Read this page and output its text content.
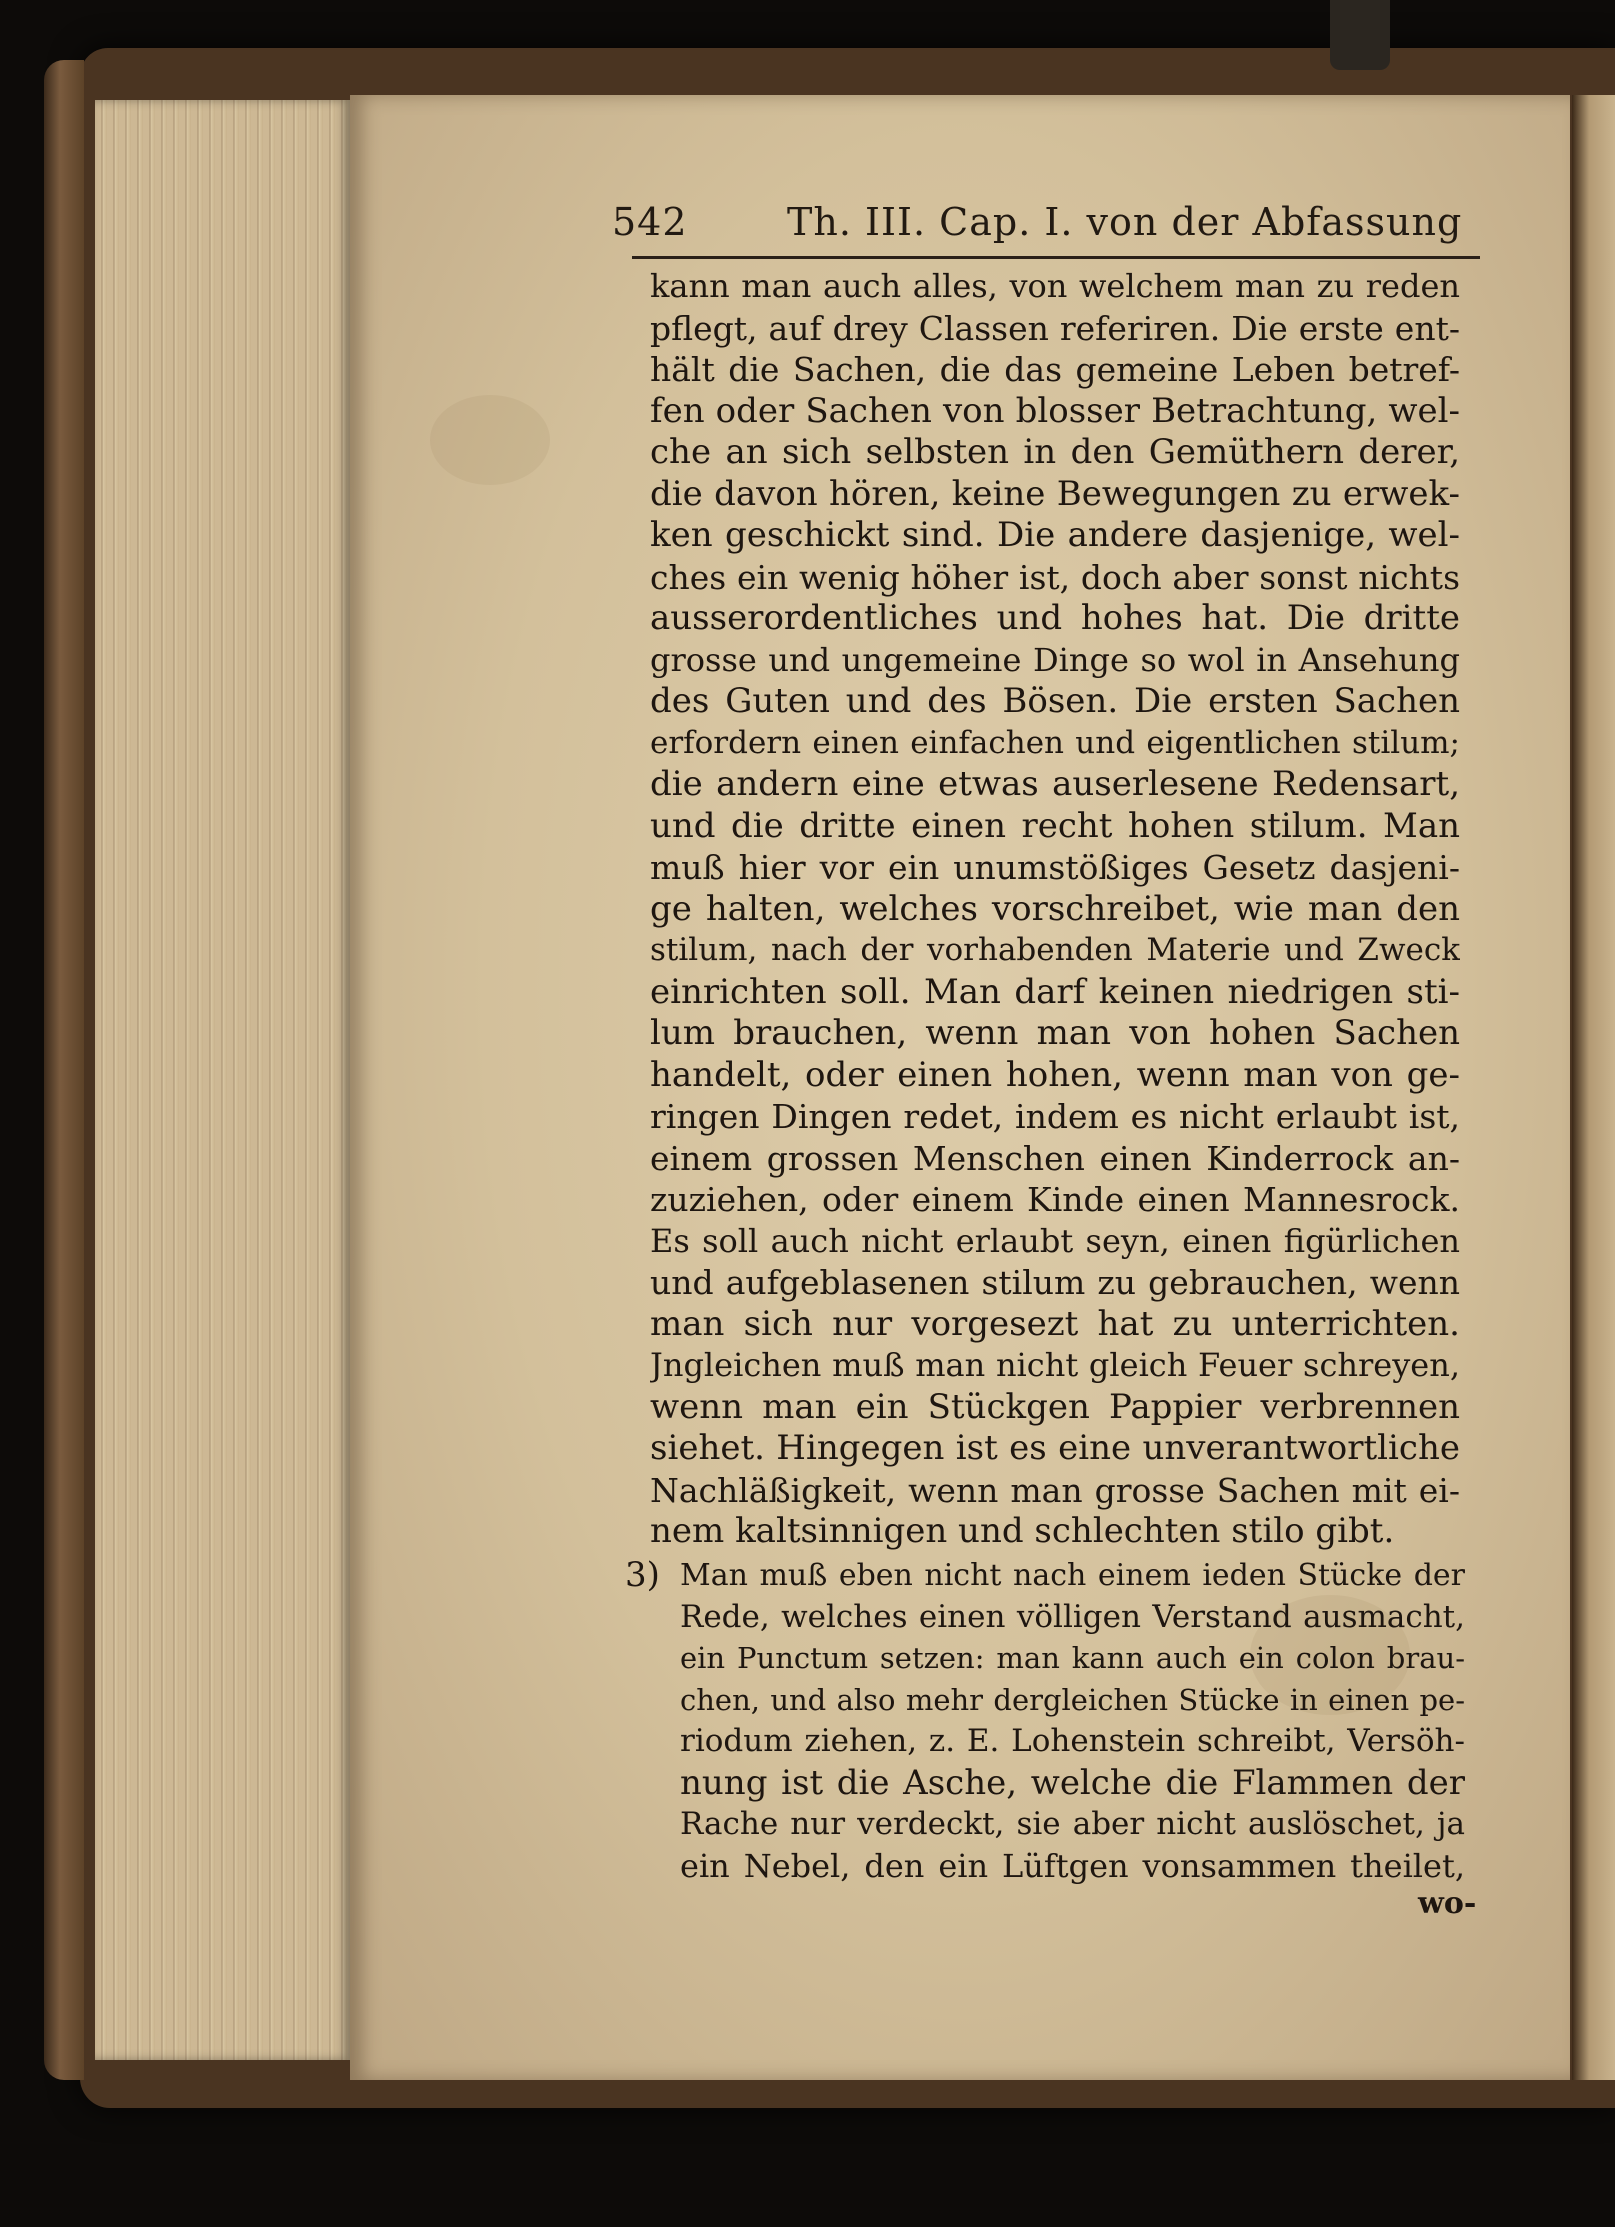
542	Th. III. Cap. I. von der Abfassung
kann man auch alles, von welchem man zu reden
pflegt, auf drey Classen referiren. Die erste ent-
hält die Sachen, die das gemeine Leben betref-
fen oder Sachen von blosser Betrachtung, wel-
che an sich selbsten in den Gemüthern derer,
die davon hören, keine Bewegungen zu erwek-
ken geschickt sind. Die andere dasjenige, wel-
ches ein wenig höher ist, doch aber sonst nichts
ausserordentliches und hohes hat. Die dritte
grosse und ungemeine Dinge so wol in Ansehung
des Guten und des Bösen. Die ersten Sachen
erfordern einen einfachen und eigentlichen stilum;
die andern eine etwas auserlesene Redensart,
und die dritte einen recht hohen stilum. Man
muß hier vor ein unumstößiges Gesetz dasjeni-
ge halten, welches vorschreibet, wie man den
stilum, nach der vorhabenden Materie und Zweck
einrichten soll. Man darf keinen niedrigen sti-
lum brauchen, wenn man von hohen Sachen
handelt, oder einen hohen, wenn man von ge-
ringen Dingen redet, indem es nicht erlaubt ist,
einem grossen Menschen einen Kinderrock an-
zuziehen, oder einem Kinde einen Mannesrock.
Es soll auch nicht erlaubt seyn, einen figürlichen
und aufgeblasenen stilum zu gebrauchen, wenn
man sich nur vorgesezt hat zu unterrichten.
Jngleichen muß man nicht gleich Feuer schreyen,
wenn man ein Stückgen Pappier verbrennen
siehet. Hingegen ist es eine unverantwortliche
Nachläßigkeit, wenn man grosse Sachen mit ei-
nem kaltsinnigen und schlechten stilo gibt.
3) Man muß eben nicht nach einem ieden Stücke der
Rede, welches einen völligen Verstand ausmacht,
ein Punctum setzen: man kann auch ein colon brau-
chen, und also mehr dergleichen Stücke in einen pe-
riodum ziehen, z. E. Lohenstein schreibt, Versöh-
nung ist die Asche, welche die Flammen der
Rache nur verdeckt, sie aber nicht auslöschet, ja
ein Nebel, den ein Lüftgen vonsammen theilet,
wo-
